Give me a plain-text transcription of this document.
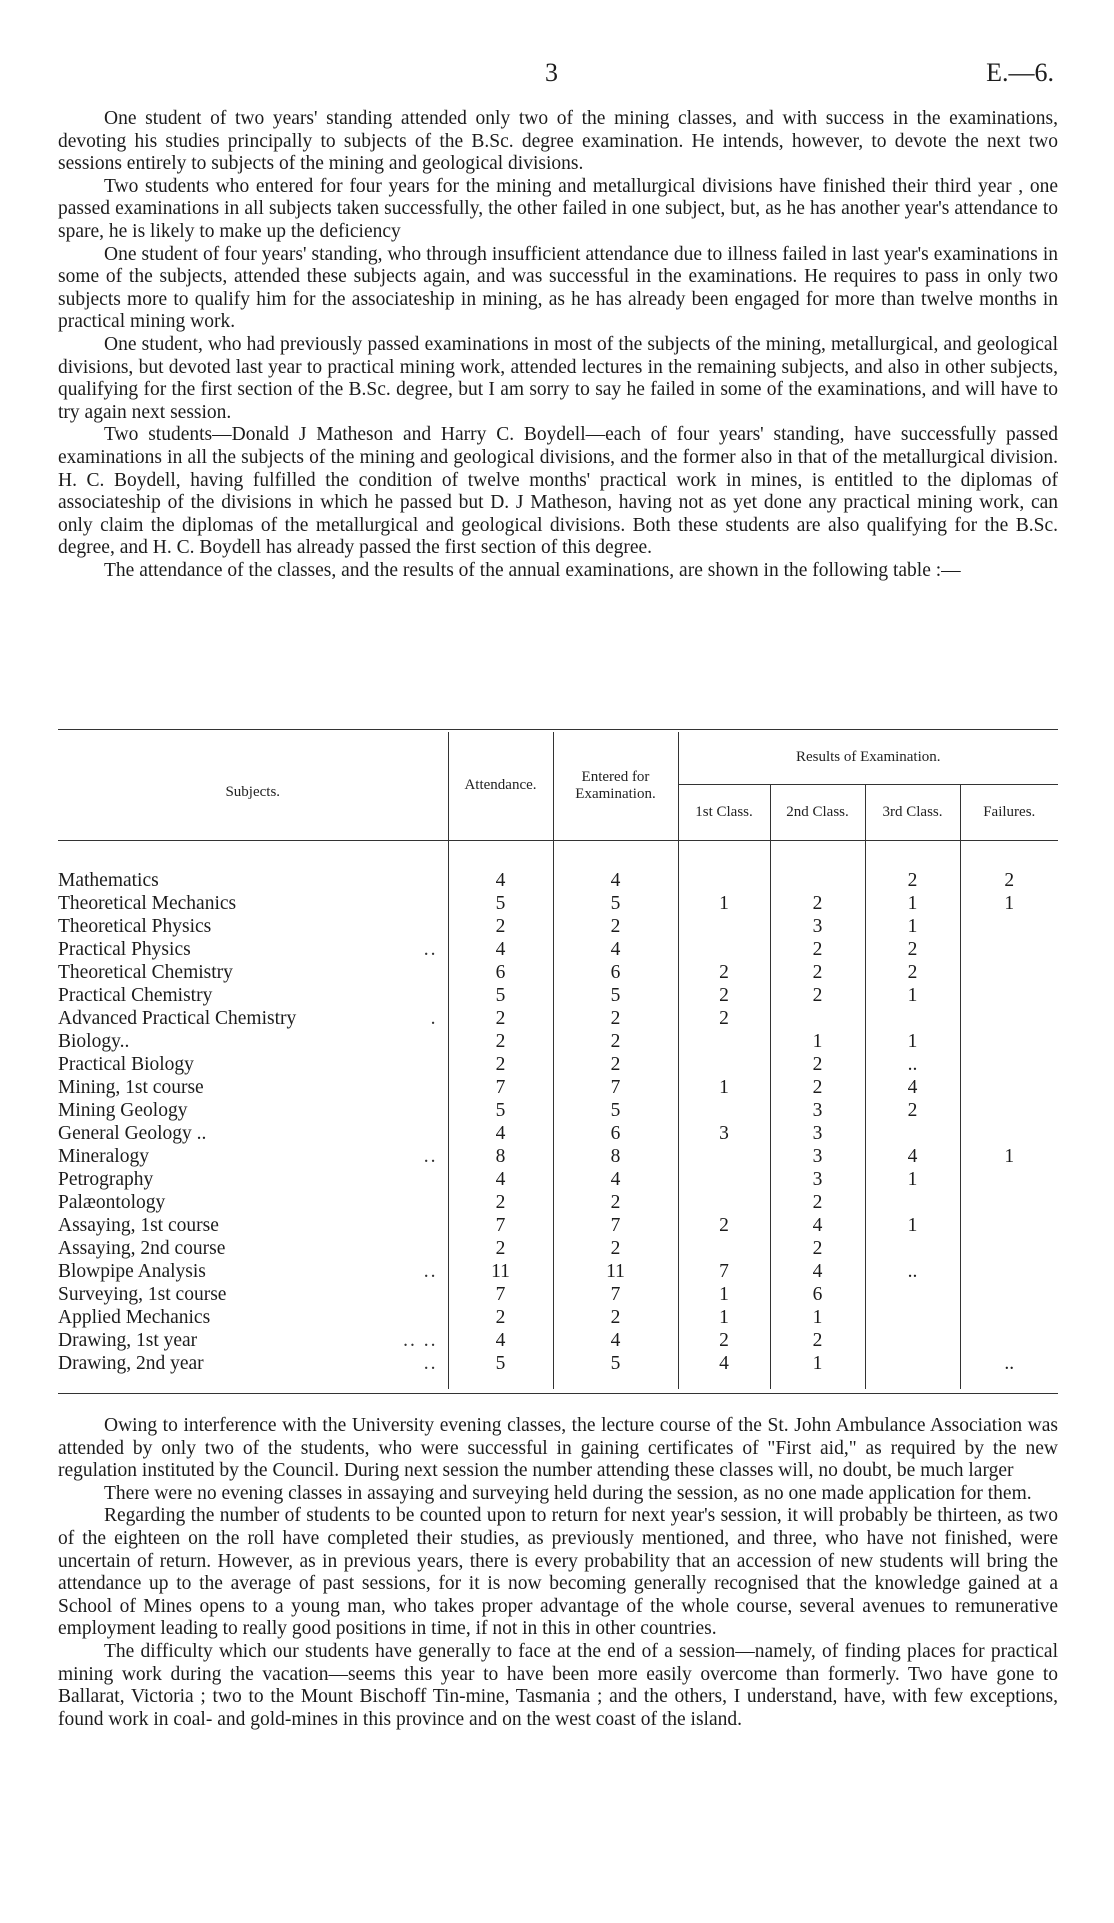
3	E.—6.

One student of two years' standing attended only two of the mining classes, and with success in the examinations, devoting his studies principally to subjects of the B.Sc. degree examination. He intends, however, to devote the next two sessions entirely to subjects of the mining and geological divisions.

Two students who entered for four years for the mining and metallurgical divisions have finished their third year , one passed examinations in all subjects taken successfully, the other failed in one subject, but, as he has another year's attendance to spare, he is likely to make up the deficiency

One student of four years' standing, who through insufficient attendance due to illness failed in last year's examinations in some of the subjects, attended these subjects again, and was successful in the examinations. He requires to pass in only two subjects more to qualify him for the associateship in mining, as he has already been engaged for more than twelve months in practical mining work.

One student, who had previously passed examinations in most of the subjects of the mining, metallurgical, and geological divisions, but devoted last year to practical mining work, attended lectures in the remaining subjects, and also in other subjects, qualifying for the first section of the B.Sc. degree, but I am sorry to say he failed in some of the examinations, and will have to try again next session.

Two students—Donald J Matheson and Harry C. Boydell—each of four years' standing, have successfully passed examinations in all the subjects of the mining and geological divisions, and the former also in that of the metallurgical division. H. C. Boydell, having fulfilled the condition of twelve months' practical work in mines, is entitled to the diplomas of associateship of the divisions in which he passed but D. J Matheson, having not as yet done any practical mining work, can only claim the diplomas of the metallurgical and geological divisions. Both these students are also qualifying for the B.Sc. degree, and H. C. Boydell has already passed the first section of this degree.

The attendance of the classes, and the results of the annual examinations, are shown in the following table :—

Subjects.	Attendance.	Entered for Examination.	Results of Examination.			
			1st Class.	2nd Class.	3rd Class.	Failures.

Mathematics	4	4			2	2
Theoretical Mechanics	5	5	1	2	1	1
Theoretical Physics	2	2		3	1	
Practical Physics ..	4	4		2	2	
Theoretical Chemistry	6	6	2	2	2	
Practical Chemistry	5	5	2	2	1	
Advanced Practical Chemistry .	2	2	2			
Biology..	2	2		1	1	
Practical Biology	2	2		2	..	
Mining, 1st course	7	7	1	2	4	
Mining Geology	5	5		3	2	
General Geology ..	4	6	3	3		
Mineralogy ..	8	8		3	4	1
Petrography	4	4		3	1	
Palæontology	2	2		2		
Assaying, 1st course	7	7	2	4	1	
Assaying, 2nd course	2	2		2		
Blowpipe Analysis ..	11	11	7	4	..	
Surveying, 1st course	7	7	1	6		
Applied Mechanics	2	2	1	1		
Drawing, 1st year .. ..	4	4	2	2		
Drawing, 2nd year ..	5	5	4	1		..

Owing to interference with the University evening classes, the lecture course of the St. John Ambulance Association was attended by only two of the students, who were successful in gaining certificates of "First aid," as required by the new regulation instituted by the Council. During next session the number attending these classes will, no doubt, be much larger

There were no evening classes in assaying and surveying held during the session, as no one made application for them.

Regarding the number of students to be counted upon to return for next year's session, it will probably be thirteen, as two of the eighteen on the roll have completed their studies, as previously mentioned, and three, who have not finished, were uncertain of return. However, as in previous years, there is every probability that an accession of new students will bring the attendance up to the average of past sessions, for it is now becoming generally recognised that the knowledge gained at a School of Mines opens to a young man, who takes proper advantage of the whole course, several avenues to remunerative employment leading to really good positions in time, if not in this in other countries.

The difficulty which our students have generally to face at the end of a session—namely, of finding places for practical mining work during the vacation—seems this year to have been more easily overcome than formerly. Two have gone to Ballarat, Victoria ; two to the Mount Bischoff Tin-mine, Tasmania ; and the others, I understand, have, with few exceptions, found work in coal- and gold-mines in this province and on the west coast of the island.
